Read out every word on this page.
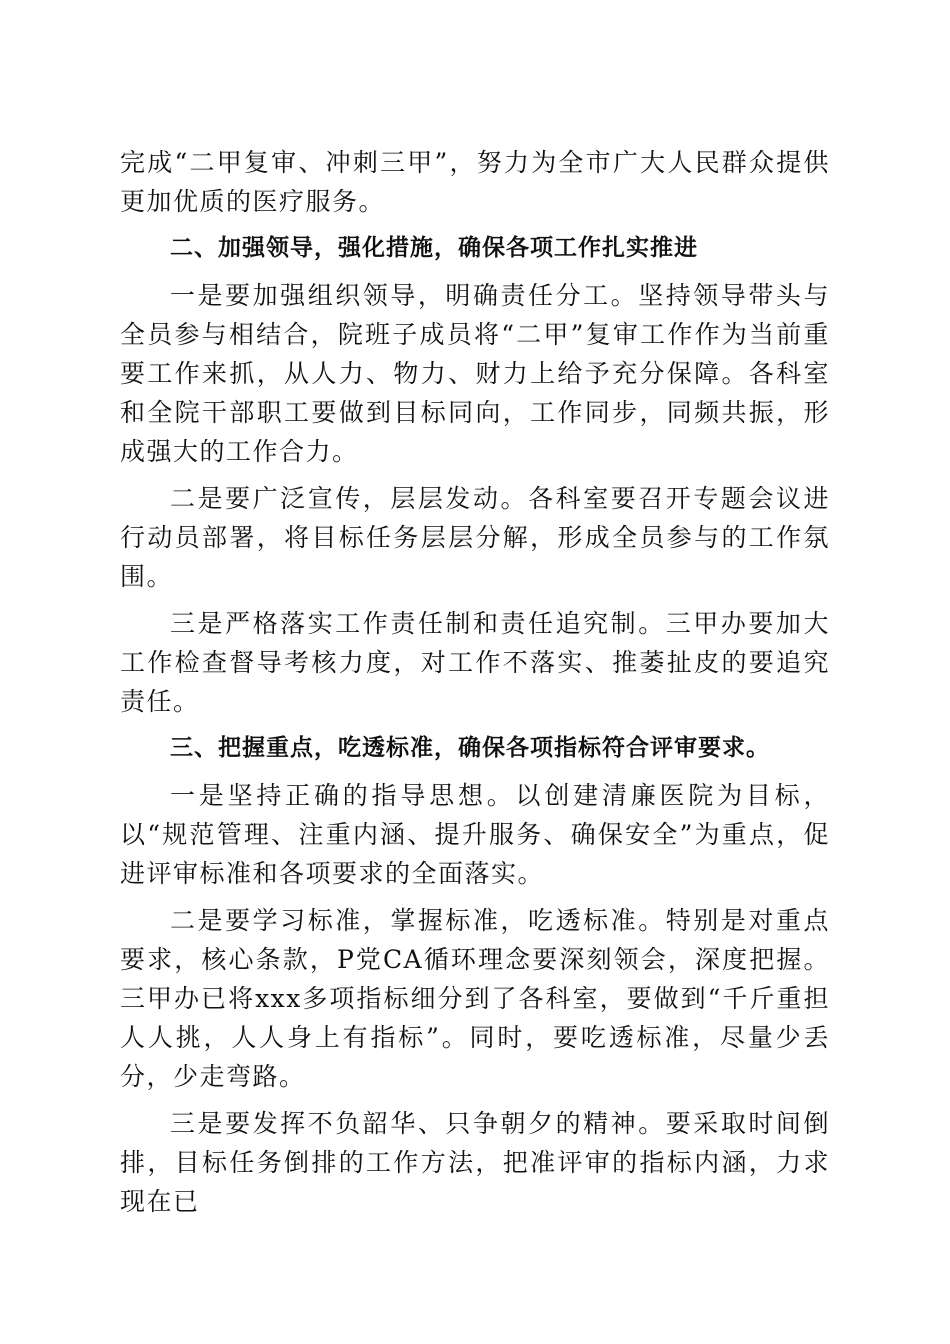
完成“二甲复审、冲刺三甲”，努力为全市广大人民群众提供更加优质的医疗服务。

二、加强领导，强化措施，确保各项工作扎实推进

一是要加强组织领导，明确责任分工。坚持领导带头与全员参与相结合，院班子成员将“二甲”复审工作作为当前重要工作来抓，从人力、物力、财力上给予充分保障。各科室和全院干部职工要做到目标同向，工作同步，同频共振，形成强大的工作合力。

二是要广泛宣传，层层发动。各科室要召开专题会议进行动员部署，将目标任务层层分解，形成全员参与的工作氛围。

三是严格落实工作责任制和责任追究制。三甲办要加大工作检查督导考核力度，对工作不落实、推萎扯皮的要追究责任。

三、把握重点，吃透标准，确保各项指标符合评审要求。

一是坚持正确的指导思想。以创建清廉医院为目标，以“规范管理、注重内涵、提升服务、确保安全”为重点，促进评审标准和各项要求的全面落实。

二是要学习标准，掌握标准，吃透标准。特别是对重点要求，核心条款，P党CA循环理念要深刻领会，深度把握。三甲办已将xxx多项指标细分到了各科室，要做到“千斤重担人人挑，人人身上有指标”。同时，要吃透标准，尽量少丢分，少走弯路。

三是要发挥不负韶华、只争朝夕的精神。要采取时间倒排，目标任务倒排的工作方法，把准评审的指标内涵，力求现在已
